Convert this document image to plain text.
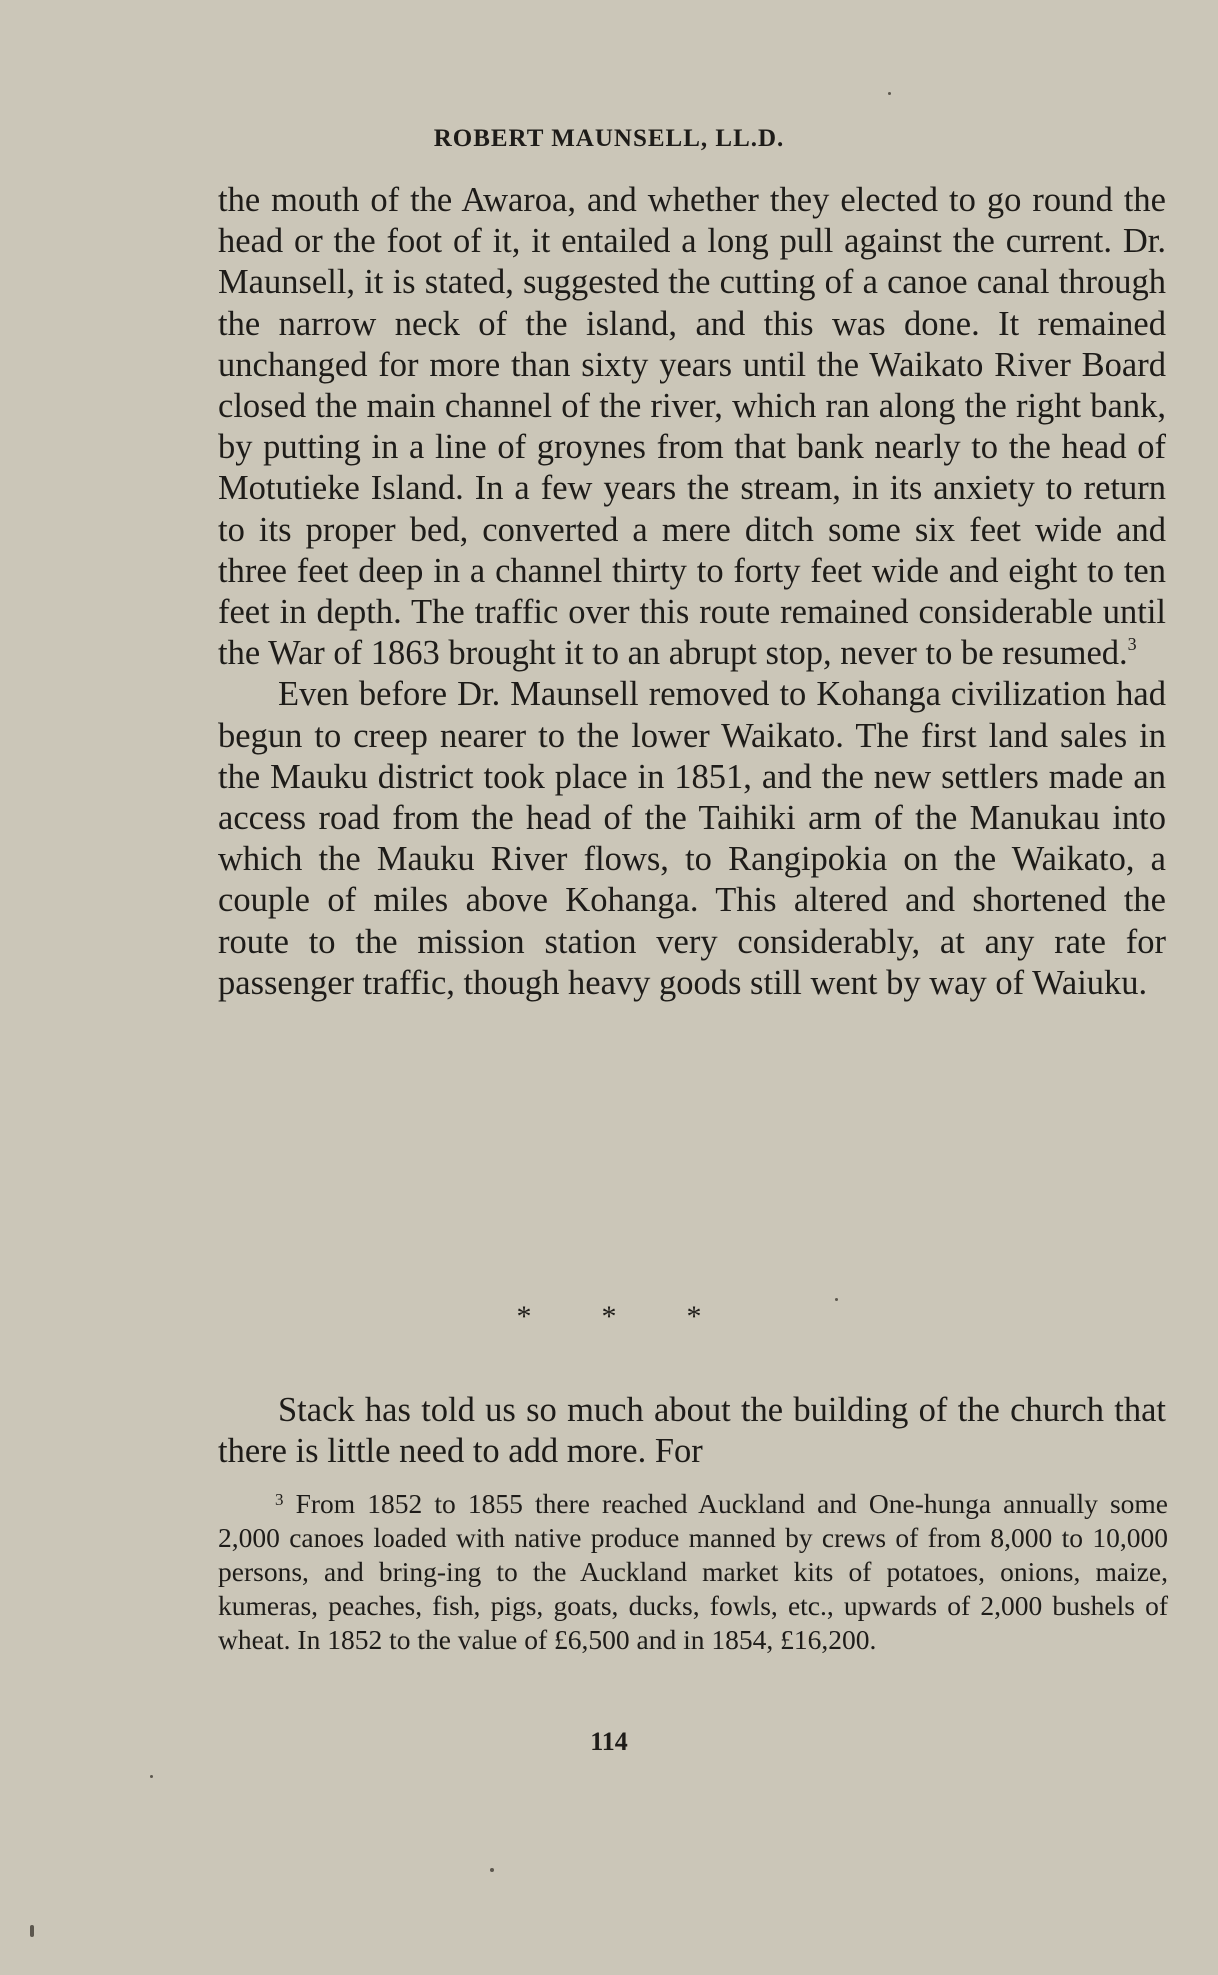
ROBERT MAUNSELL, LL.D.

the mouth of the Awaroa, and whether they elected to go round the head or the foot of it, it entailed a long pull against the current. Dr. Maunsell, it is stated, suggested the cutting of a canoe canal through the narrow neck of the island, and this was done. It remained unchanged for more than sixty years until the Waikato River Board closed the main channel of the river, which ran along the right bank, by putting in a line of groynes from that bank nearly to the head of Motutieke Island. In a few years the stream, in its anxiety to return to its proper bed, converted a mere ditch some six feet wide and three feet deep in a channel thirty to forty feet wide and eight to ten feet in depth. The traffic over this route remained considerable until the War of 1863 brought it to an abrupt stop, never to be resumed.$^3$

Even before Dr. Maunsell removed to Kohanga civilization had begun to creep nearer to the lower Waikato. The first land sales in the Mauku district took place in 1851, and the new settlers made an access road from the head of the Taihiki arm of the Manukau into which the Mauku River flows, to Rangipokia on the Waikato, a couple of miles above Kohanga. This altered and shortened the route to the mission station very considerably, at any rate for passenger traffic, though heavy goods still went by way of Waiuku.

***
Stack has told us so much about the building of the church that there is little need to add more. For
$^3$ From 1852 to 1855 there reached Auckland and One-hunga annually some 2,000 canoes loaded with native produce manned by crews of from 8,000 to 10,000 persons, and bring-ing to the Auckland market kits of potatoes, onions, maize, kumeras, peaches, fish, pigs, goats, ducks, fowls, etc., upwards of 2,000 bushels of wheat. In 1852 to the value of £6,500 and in 1854, £16,200.
114
